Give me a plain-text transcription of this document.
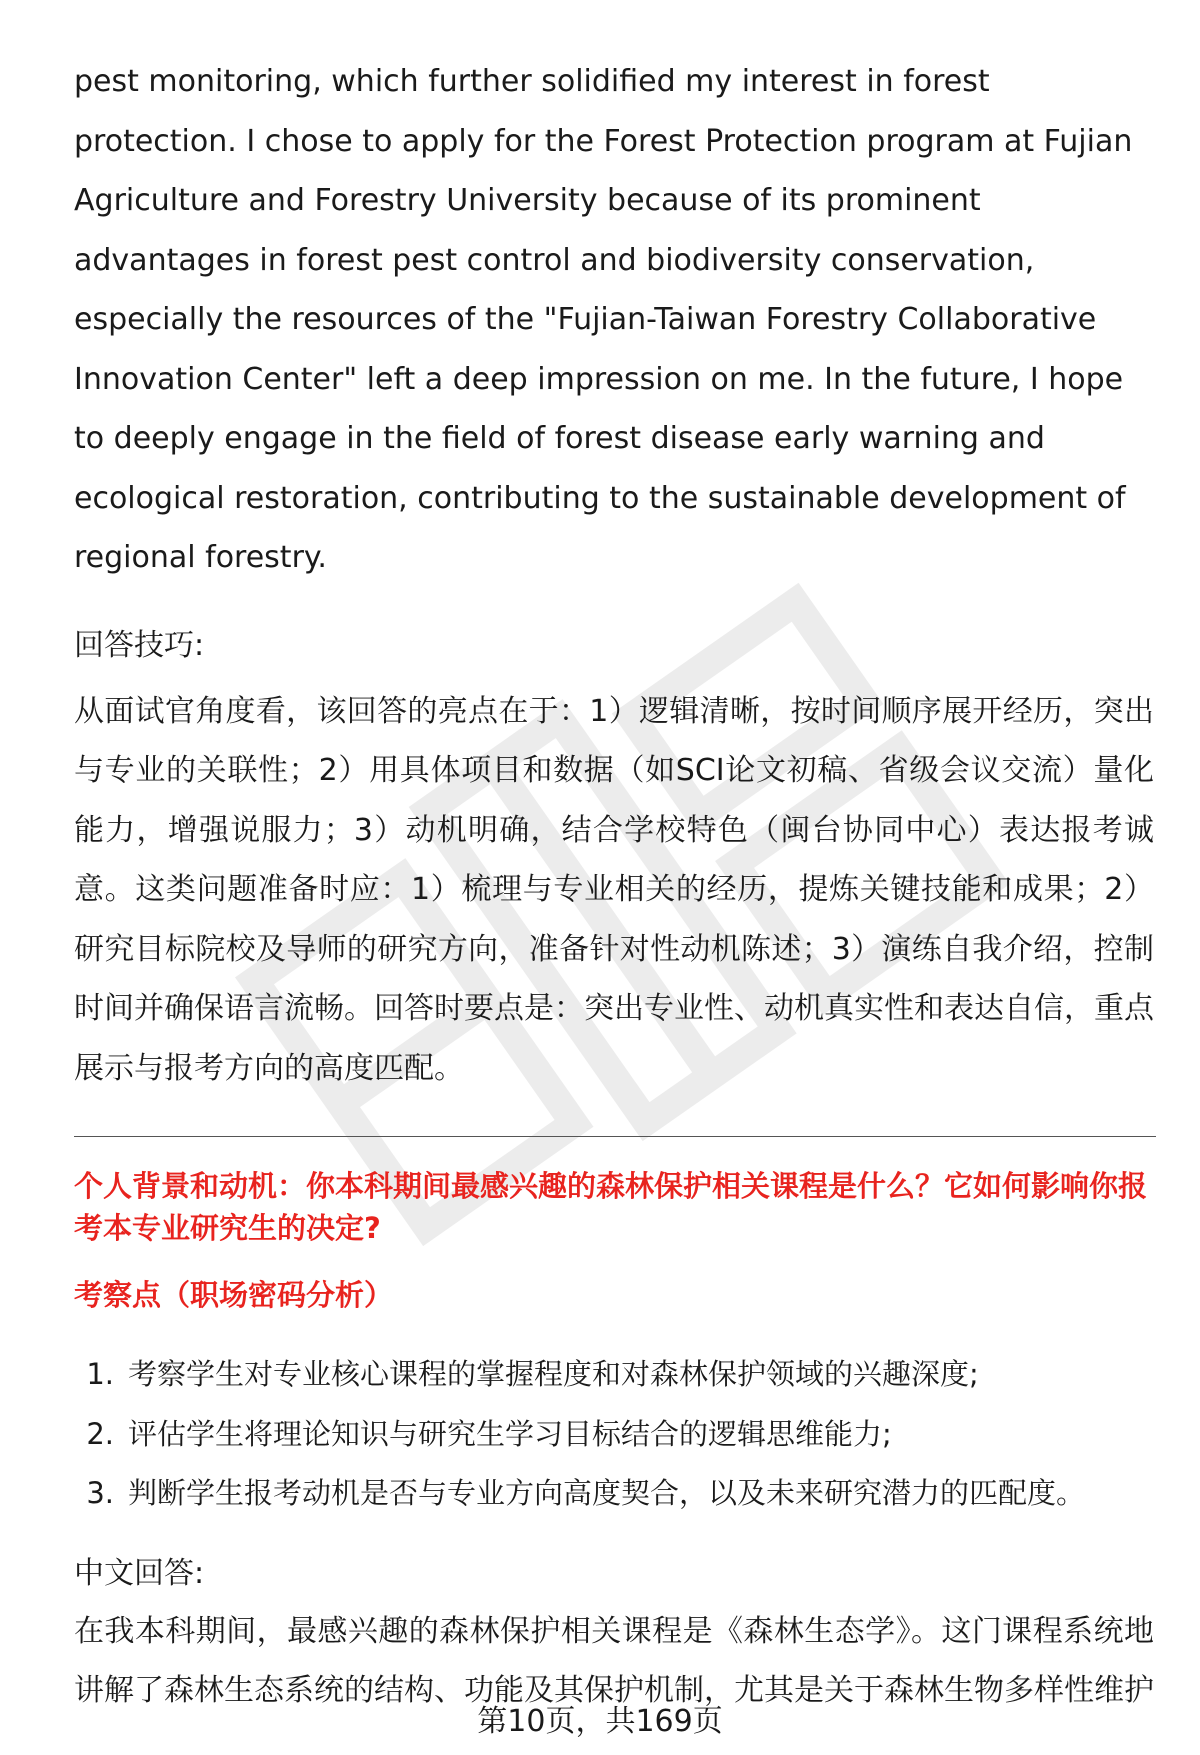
pest monitoring, which further solidified my interest in forest protection. I chose to apply for the Forest Protection program at Fujian Agriculture and Forestry University because of its prominent advantages in forest pest control and biodiversity conservation, especially the resources of the "Fujian-Taiwan Forestry Collaborative Innovation Center" left a deep impression on me. In the future, I hope to deeply engage in the field of forest disease early warning and ecological restoration, contributing to the sustainable development of regional forestry.

回答技巧:

从面试官角度看，该回答的亮点在于：1）逻辑清晰，按时间顺序展开经历，突出与专业的关联性；2）用具体项目和数据（如SCI论文初稿、省级会议交流）量化能力，增强说服力；3）动机明确，结合学校特色（闽台协同中心）表达报考诚意。这类问题准备时应：1）梳理与专业相关的经历，提炼关键技能和成果；2）研究目标院校及导师的研究方向，准备针对性动机陈述；3）演练自我介绍，控制时间并确保语言流畅。回答时要点是：突出专业性、动机真实性和表达自信，重点展示与报考方向的高度匹配。

个人背景和动机：你本科期间最感兴趣的森林保护相关课程是什么？它如何影响你报考本专业研究生的决定?

考察点（职场密码分析）

1. 考察学生对专业核心课程的掌握程度和对森林保护领域的兴趣深度;
2. 评估学生将理论知识与研究生学习目标结合的逻辑思维能力;
3. 判断学生报考动机是否与专业方向高度契合，以及未来研究潜力的匹配度。

中文回答:

在我本科期间，最感兴趣的森林保护相关课程是《森林生态学》。这门课程系统地讲解了森林生态系统的结构、功能及其保护机制，尤其是关于森林生物多样性维护

第10页，共169页
